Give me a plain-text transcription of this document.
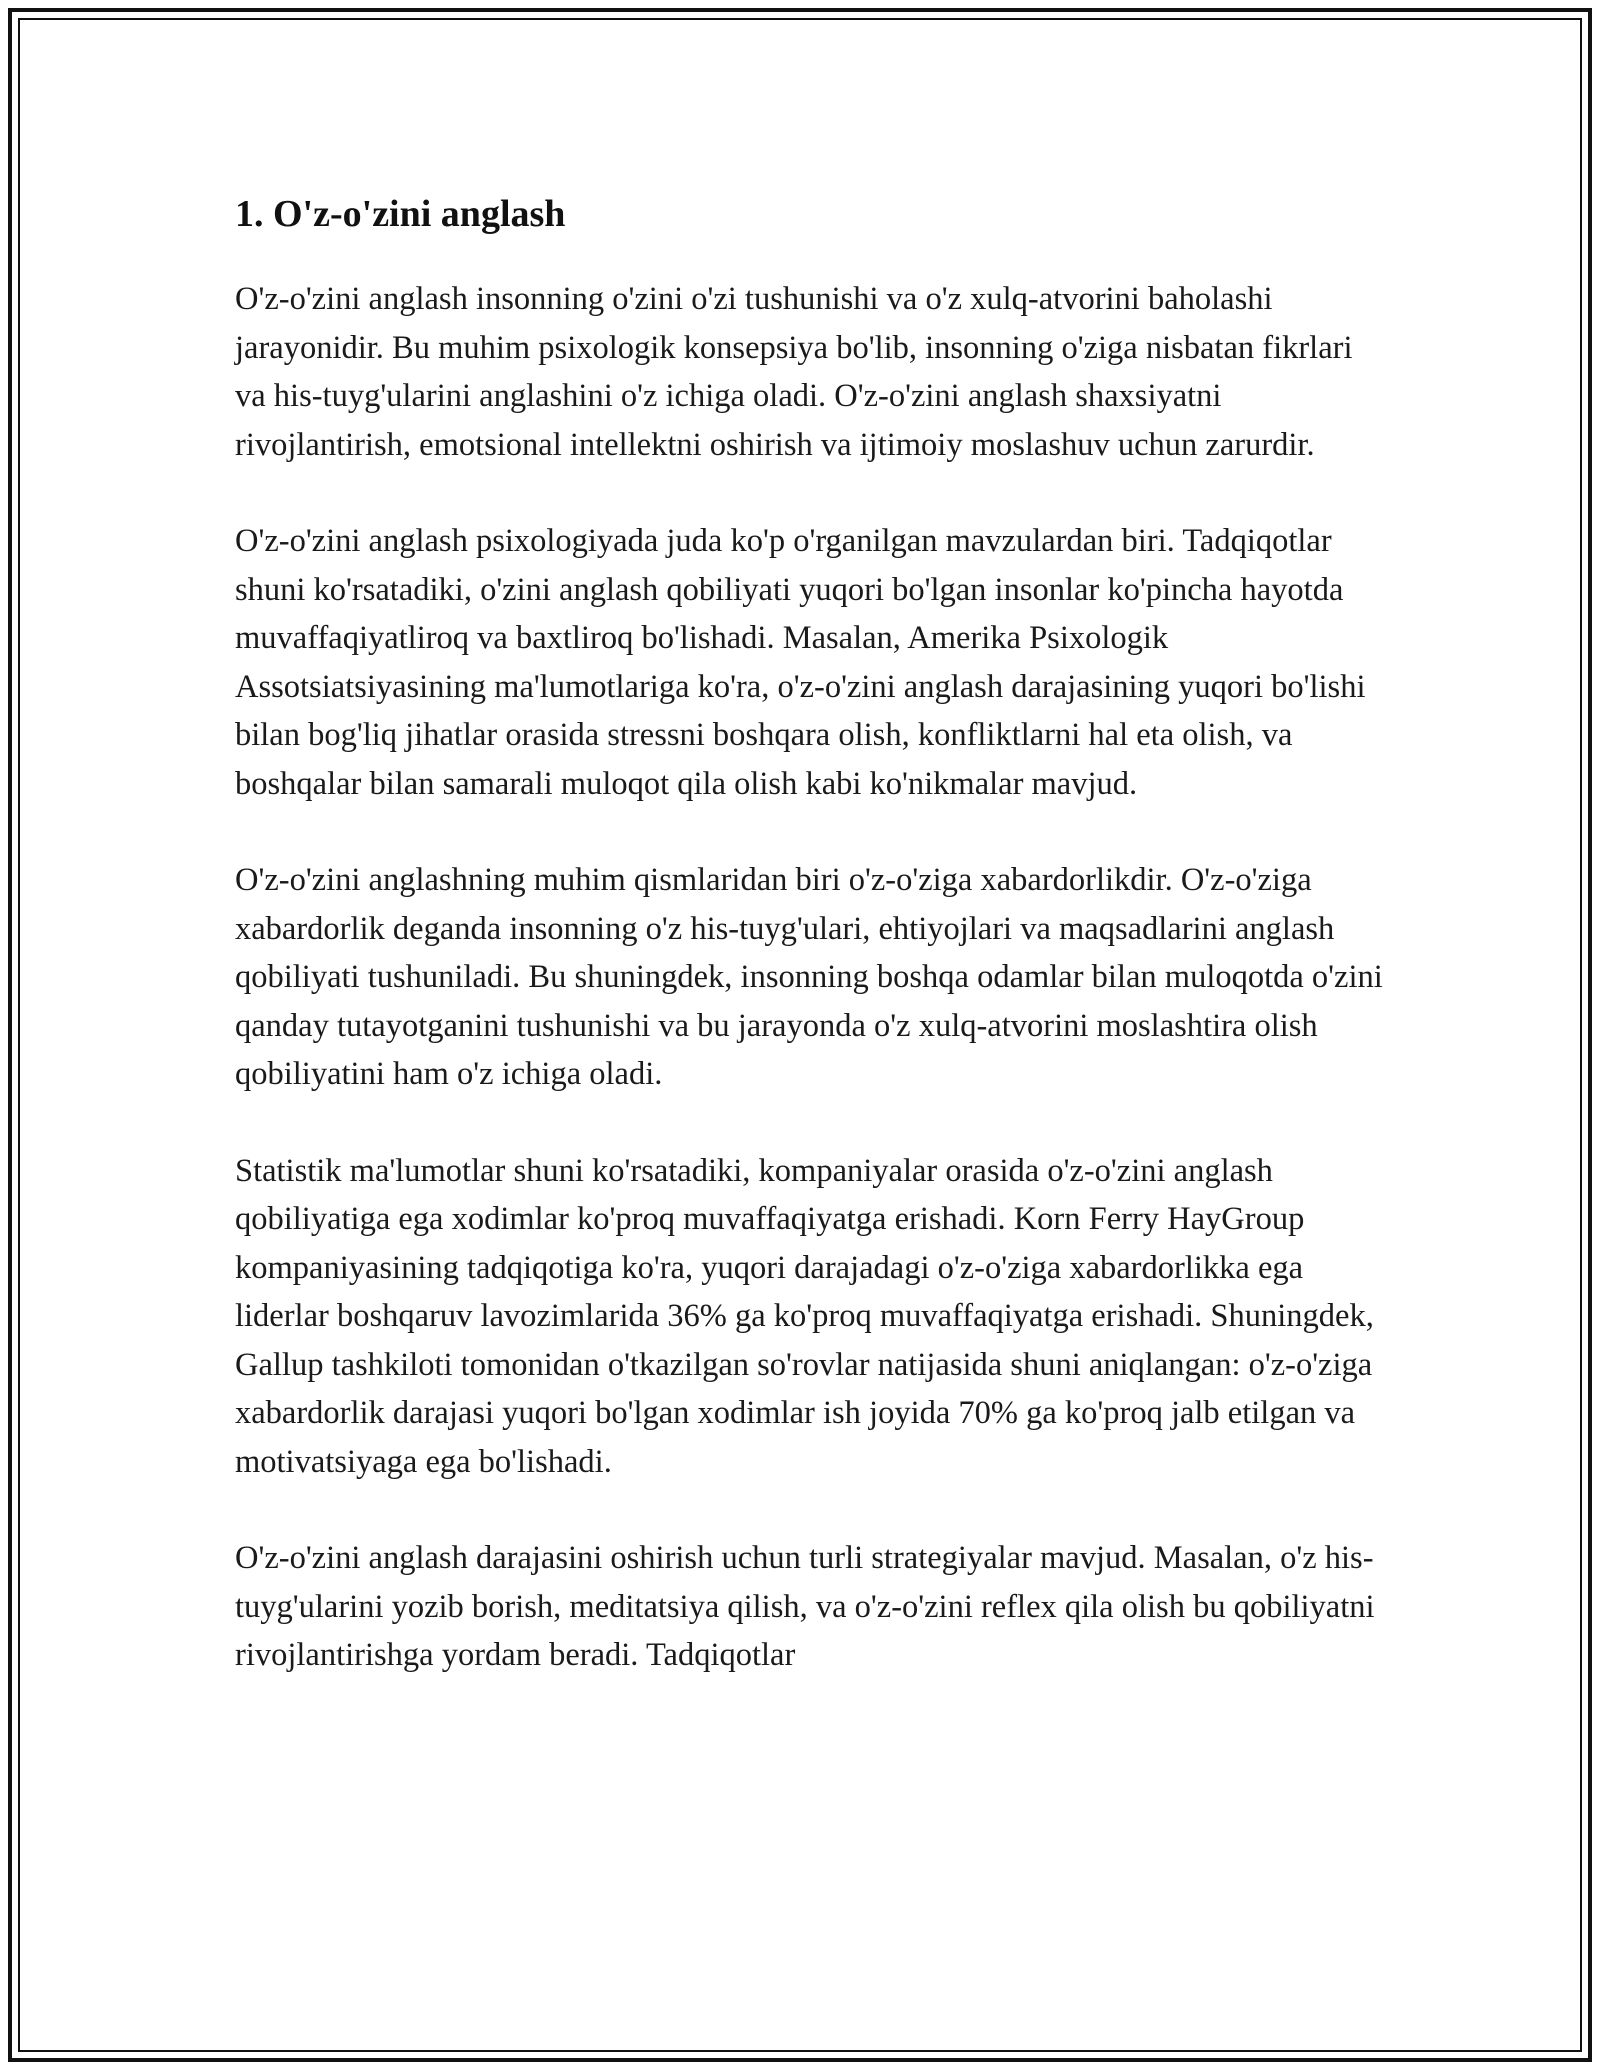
1. O'z-o'zini anglash

O'z-o'zini anglash insonning o'zini o'zi tushunishi va o'z xulq-atvorini baholashi jarayonidir. Bu muhim psixologik konsepsiya bo'lib, insonning o'ziga nisbatan fikrlari va his-tuyg'ularini anglashini o'z ichiga oladi. O'z-o'zini anglash shaxsiyatni rivojlantirish, emotsional intellektni oshirish va ijtimoiy moslashuv uchun zarurdir.

O'z-o'zini anglash psixologiyada juda ko'p o'rganilgan mavzulardan biri. Tadqiqotlar shuni ko'rsatadiki, o'zini anglash qobiliyati yuqori bo'lgan insonlar ko'pincha hayotda muvaffaqiyatliroq va baxtliroq bo'lishadi. Masalan, Amerika Psixologik Assotsiatsiyasining ma'lumotlariga ko'ra, o'z-o'zini anglash darajasining yuqori bo'lishi bilan bog'liq jihatlar orasida stressni boshqara olish, konfliktlarni hal eta olish, va boshqalar bilan samarali muloqot qila olish kabi ko'nikmalar mavjud.

O'z-o'zini anglashning muhim qismlaridan biri o'z-o'ziga xabardorlikdir. O'z-o'ziga xabardorlik deganda insonning o'z his-tuyg'ulari, ehtiyojlari va maqsadlarini anglash qobiliyati tushuniladi. Bu shuningdek, insonning boshqa odamlar bilan muloqotda o'zini qanday tutayotganini tushunishi va bu jarayonda o'z xulq-atvorini moslashtira olish qobiliyatini ham o'z ichiga oladi.

Statistik ma'lumotlar shuni ko'rsatadiki, kompaniyalar orasida o'z-o'zini anglash qobiliyatiga ega xodimlar ko'proq muvaffaqiyatga erishadi. Korn Ferry HayGroup kompaniyasining tadqiqotiga ko'ra, yuqori darajadagi o'z-o'ziga xabardorlikka ega liderlar boshqaruv lavozimlarida 36% ga ko'proq muvaffaqiyatga erishadi. Shuningdek, Gallup tashkiloti tomonidan o'tkazilgan so'rovlar natijasida shuni aniqlangan: o'z-o'ziga xabardorlik darajasi yuqori bo'lgan xodimlar ish joyida 70% ga ko'proq jalb etilgan va motivatsiyaga ega bo'lishadi.

O'z-o'zini anglash darajasini oshirish uchun turli strategiyalar mavjud. Masalan, o'z his-tuyg'ularini yozib borish, meditatsiya qilish, va o'z-o'zini reflex qila olish bu qobiliyatni rivojlantirishga yordam beradi. Tadqiqotlar
